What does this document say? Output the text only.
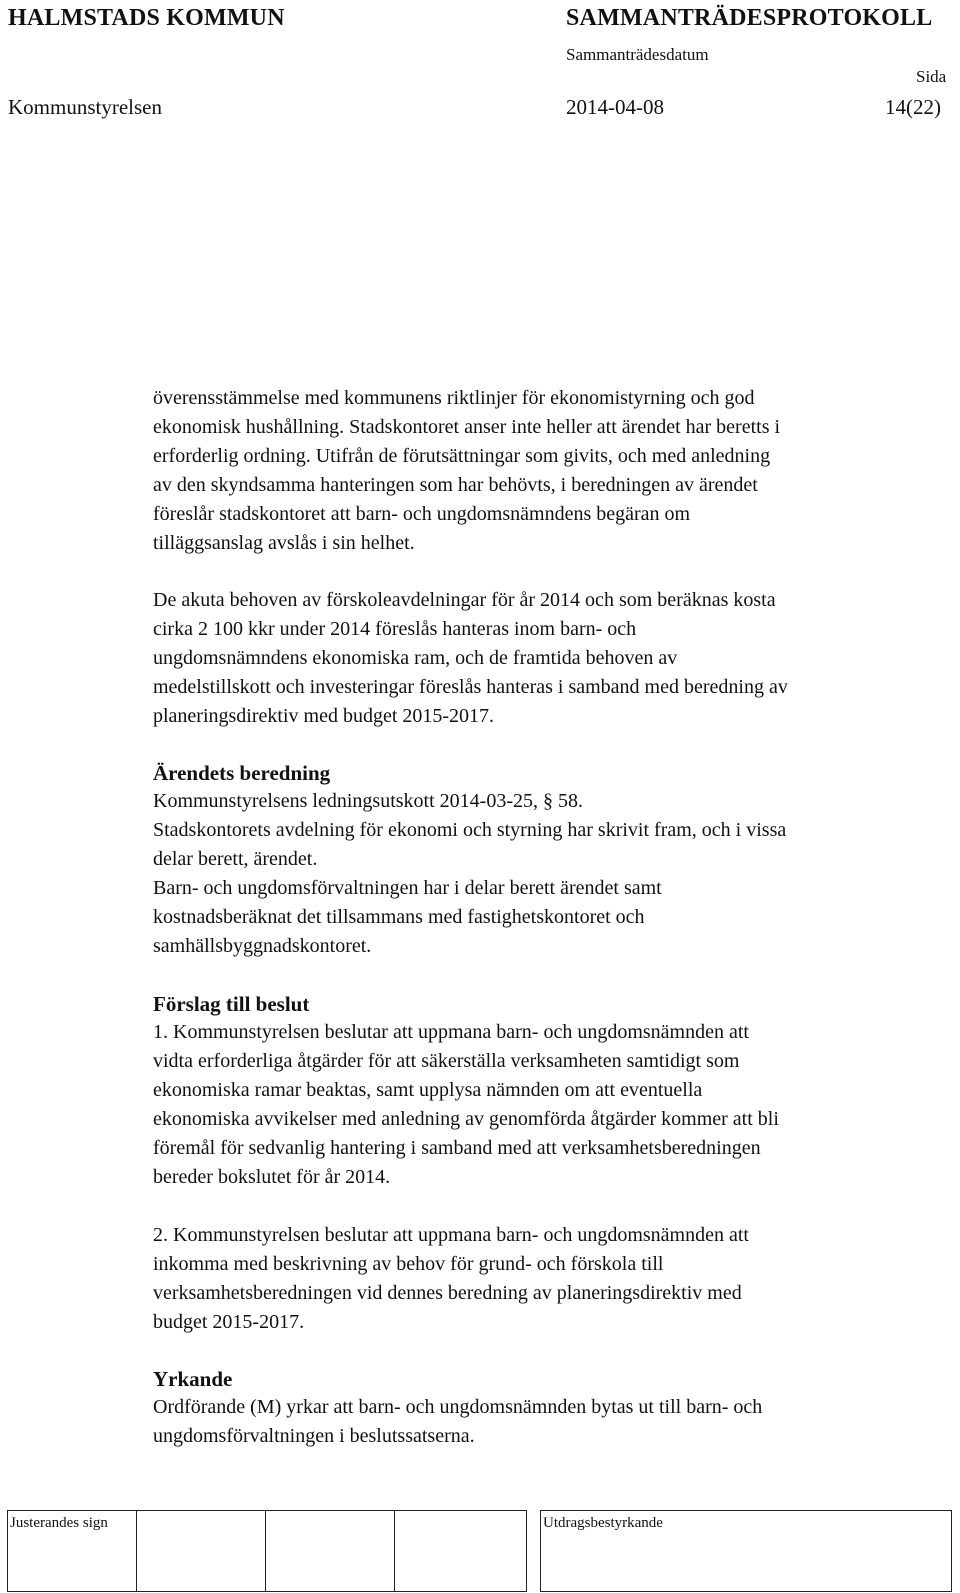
HALMSTADS KOMMUN	SAMMANTRÄDESPROTOKOLL
Sammanträdesdatum
Sida
Kommunstyrelsen	2014-04-08	14(22)
överensstämmelse med kommunens riktlinjer för ekonomistyrning och god
ekonomisk hushållning. Stadskontoret anser inte heller att ärendet har beretts i
erforderlig ordning. Utifrån de förutsättningar som givits, och med anledning
av den skyndsamma hanteringen som har behövts, i beredningen av ärendet
föreslår stadskontoret att barn- och ungdomsnämndens begäran om
tilläggsanslag avslås i sin helhet.
De akuta behoven av förskoleavdelningar för år 2014 och som beräknas kosta
cirka 2 100 kkr under 2014 föreslås hanteras inom barn- och
ungdomsnämndens ekonomiska ram, och de framtida behoven av
medelstillskott och investeringar föreslås hanteras i samband med beredning av
planeringsdirektiv med budget 2015-2017.
Ärendets beredning
Kommunstyrelsens ledningsutskott 2014-03-25, § 58.
Stadskontorets avdelning för ekonomi och styrning har skrivit fram, och i vissa
delar berett, ärendet.
Barn- och ungdomsförvaltningen har i delar berett ärendet samt
kostnadsberäknat det tillsammans med fastighetskontoret och
samhällsbyggnadskontoret.
Förslag till beslut
1. Kommunstyrelsen beslutar att uppmana barn- och ungdomsnämnden att
vidta erforderliga åtgärder för att säkerställa verksamheten samtidigt som
ekonomiska ramar beaktas, samt upplysa nämnden om att eventuella
ekonomiska avvikelser med anledning av genomförda åtgärder kommer att bli
föremål för sedvanlig hantering i samband med att verksamhetsberedningen
bereder bokslutet för år 2014.
2. Kommunstyrelsen beslutar att uppmana barn- och ungdomsnämnden att
inkomma med beskrivning av behov för grund- och förskola till
verksamhetsberedningen vid dennes beredning av planeringsdirektiv med
budget 2015-2017.
Yrkande
Ordförande (M) yrkar att barn- och ungdomsnämnden bytas ut till barn- och
ungdomsförvaltningen i beslutssatserna.
Justerandes sign	Utdragsbestyrkande
